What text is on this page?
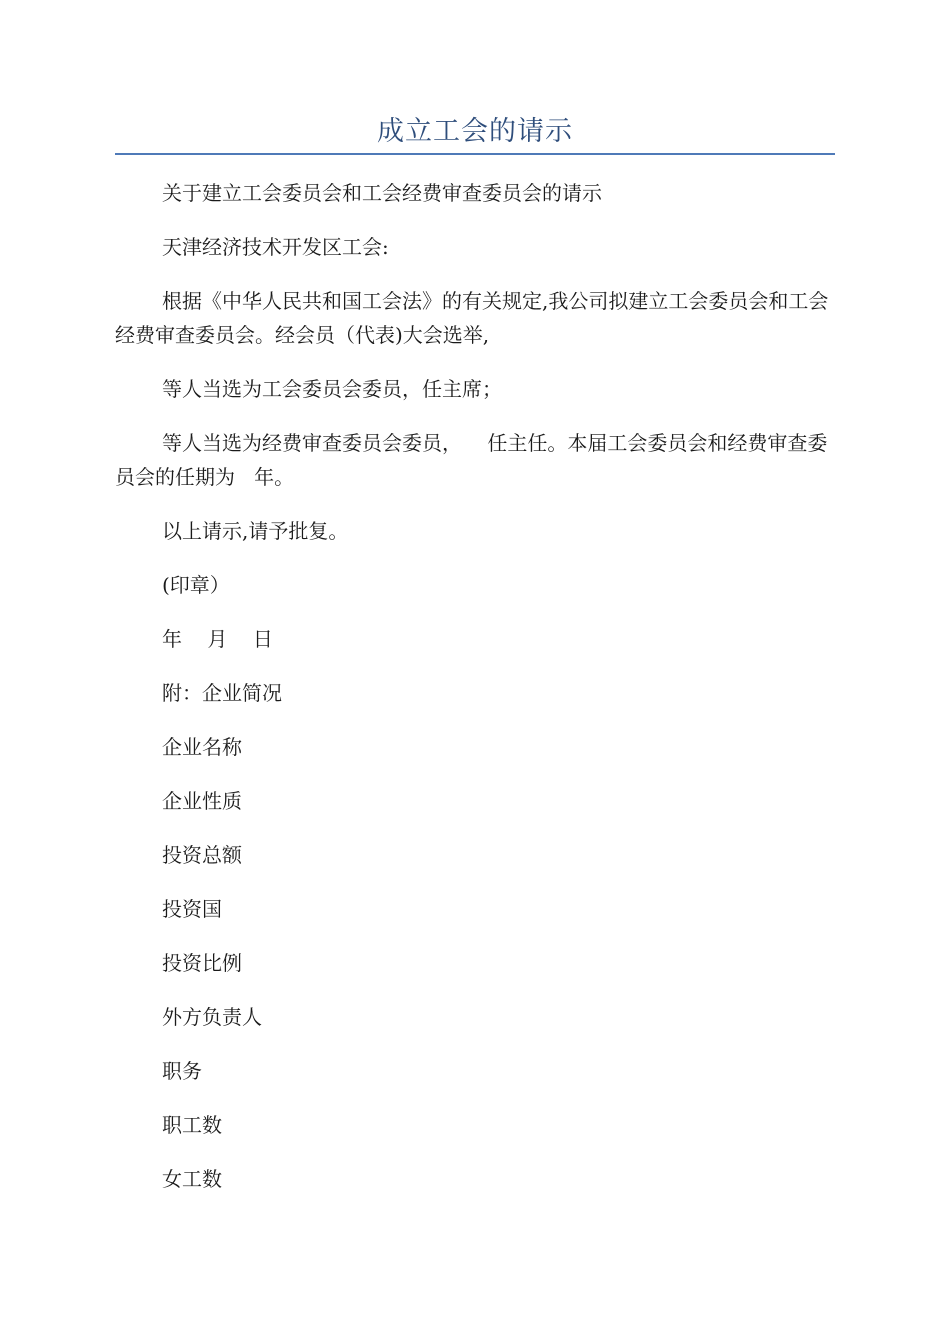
成立工会的请示

关于建立工会委员会和工会经费审查委员会的请示

天津经济技术开发区工会:

根据《中华人民共和国工会法》的有关规定,我公司拟建立工会委员会和工会经费审查委员会。经会员（代表)大会选举,

等人当选为工会委员会委员，任主席；

等人当选为经费审查委员会委员，    任主任。本届工会委员会和经费审查委员会的任期为   年。

以上请示,请予批复。

(印章）

年    月    日

附：企业简况

企业名称

企业性质

投资总额

投资国

投资比例

外方负责人

职务

职工数

女工数
